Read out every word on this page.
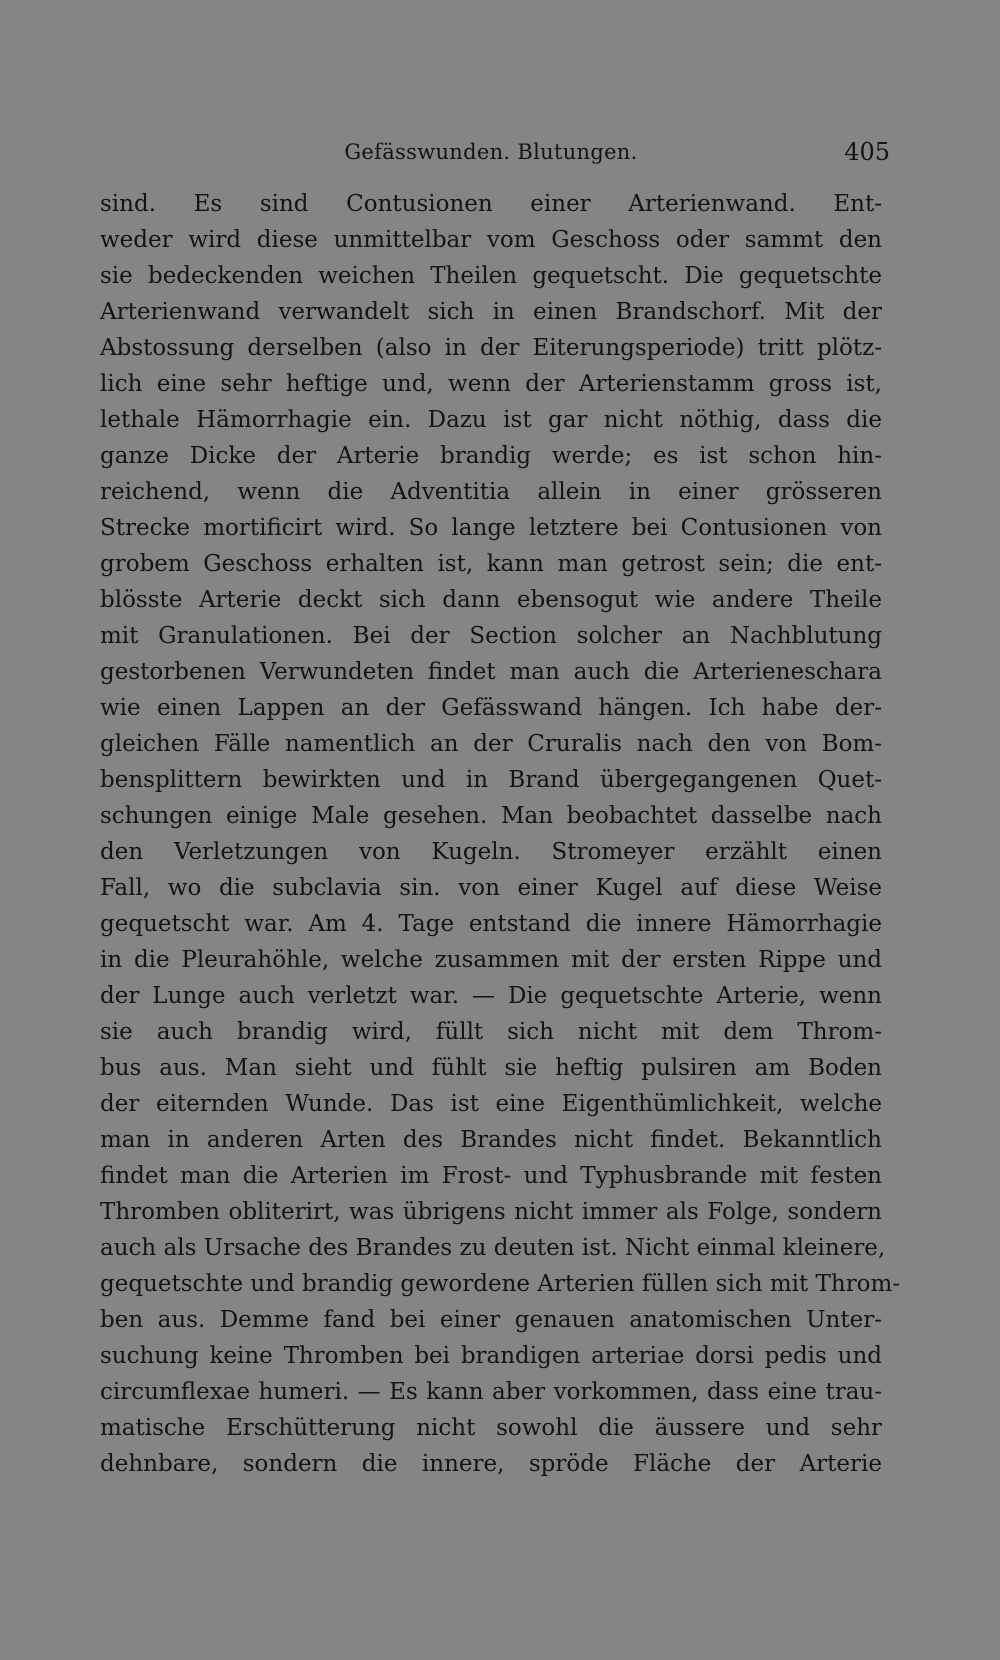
Gefässwunden. Blutungen.	405
sind. Es sind Contusionen einer Arterienwand. Ent-
weder wird diese unmittelbar vom Geschoss oder sammt den
sie bedeckenden weichen Theilen gequetscht. Die gequetschte
Arterienwand verwandelt sich in einen Brandschorf. Mit der
Abstossung derselben (also in der Eiterungsperiode) tritt plötz-
lich eine sehr heftige und, wenn der Arterienstamm gross ist,
lethale Hämorrhagie ein. Dazu ist gar nicht nöthig, dass die
ganze Dicke der Arterie brandig werde; es ist schon hin-
reichend, wenn die Adventitia allein in einer grösseren
Strecke mortificirt wird. So lange letztere bei Contusionen von
grobem Geschoss erhalten ist, kann man getrost sein; die ent-
blösste Arterie deckt sich dann ebensogut wie andere Theile
mit Granulationen. Bei der Section solcher an Nachblutung
gestorbenen Verwundeten findet man auch die Arterieneschara
wie einen Lappen an der Gefässwand hängen. Ich habe der-
gleichen Fälle namentlich an der Cruralis nach den von Bom-
bensplittern bewirkten und in Brand übergegangenen Quet-
schungen einige Male gesehen. Man beobachtet dasselbe nach
den Verletzungen von Kugeln. Stromeyer erzählt einen
Fall, wo die subclavia sin. von einer Kugel auf diese Weise
gequetscht war. Am 4. Tage entstand die innere Hämorrhagie
in die Pleurahöhle, welche zusammen mit der ersten Rippe und
der Lunge auch verletzt war. — Die gequetschte Arterie, wenn
sie auch brandig wird, füllt sich nicht mit dem Throm-
bus aus. Man sieht und fühlt sie heftig pulsiren am Boden
der eiternden Wunde. Das ist eine Eigenthümlichkeit, welche
man in anderen Arten des Brandes nicht findet. Bekanntlich
findet man die Arterien im Frost- und Typhusbrande mit festen
Thromben obliterirt, was übrigens nicht immer als Folge, sondern
auch als Ursache des Brandes zu deuten ist. Nicht einmal kleinere,
gequetschte und brandig gewordene Arterien füllen sich mit Throm-
ben aus. Demme fand bei einer genauen anatomischen Unter-
suchung keine Thromben bei brandigen arteriae dorsi pedis und
circumflexae humeri. — Es kann aber vorkommen, dass eine trau-
matische Erschütterung nicht sowohl die äussere und sehr
dehnbare, sondern die innere, spröde Fläche der Arterie
